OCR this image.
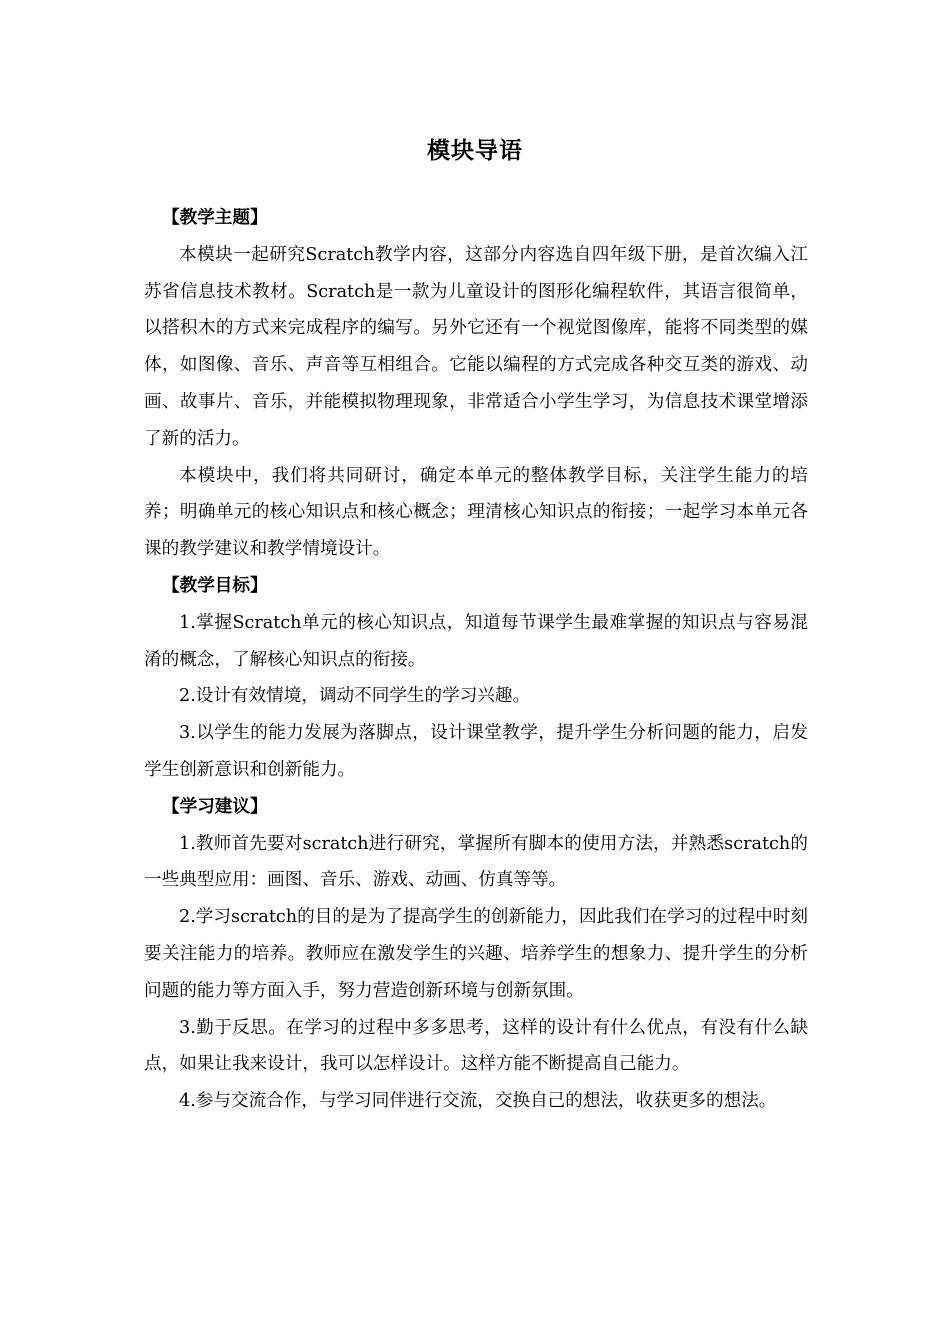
模块导语
【教学主题】

本模块一起研究Scratch教学内容，这部分内容选自四年级下册，是首次编入江苏省信息技术教材。Scratch是一款为儿童设计的图形化编程软件，其语言很简单，以搭积木的方式来完成程序的编写。另外它还有一个视觉图像库，能将不同类型的媒体，如图像、音乐、声音等互相组合。它能以编程的方式完成各种交互类的游戏、动画、故事片、音乐，并能模拟物理现象，非常适合小学生学习，为信息技术课堂增添了新的活力。

本模块中，我们将共同研讨，确定本单元的整体教学目标，关注学生能力的培养；明确单元的核心知识点和核心概念；理清核心知识点的衔接；一起学习本单元各课的教学建议和教学情境设计。

【教学目标】

1.掌握Scratch单元的核心知识点，知道每节课学生最难掌握的知识点与容易混淆的概念，了解核心知识点的衔接。

2.设计有效情境，调动不同学生的学习兴趣。

3.以学生的能力发展为落脚点，设计课堂教学，提升学生分析问题的能力，启发学生创新意识和创新能力。

【学习建议】

1.教师首先要对scratch进行研究，掌握所有脚本的使用方法，并熟悉scratch的一些典型应用：画图、音乐、游戏、动画、仿真等等。

2.学习scratch的目的是为了提高学生的创新能力，因此我们在学习的过程中时刻要关注能力的培养。教师应在激发学生的兴趣、培养学生的想象力、提升学生的分析问题的能力等方面入手，努力营造创新环境与创新氛围。

3.勤于反思。在学习的过程中多多思考，这样的设计有什么优点，有没有什么缺点，如果让我来设计，我可以怎样设计。这样方能不断提高自己能力。

4.参与交流合作，与学习同伴进行交流，交换自己的想法，收获更多的想法。
